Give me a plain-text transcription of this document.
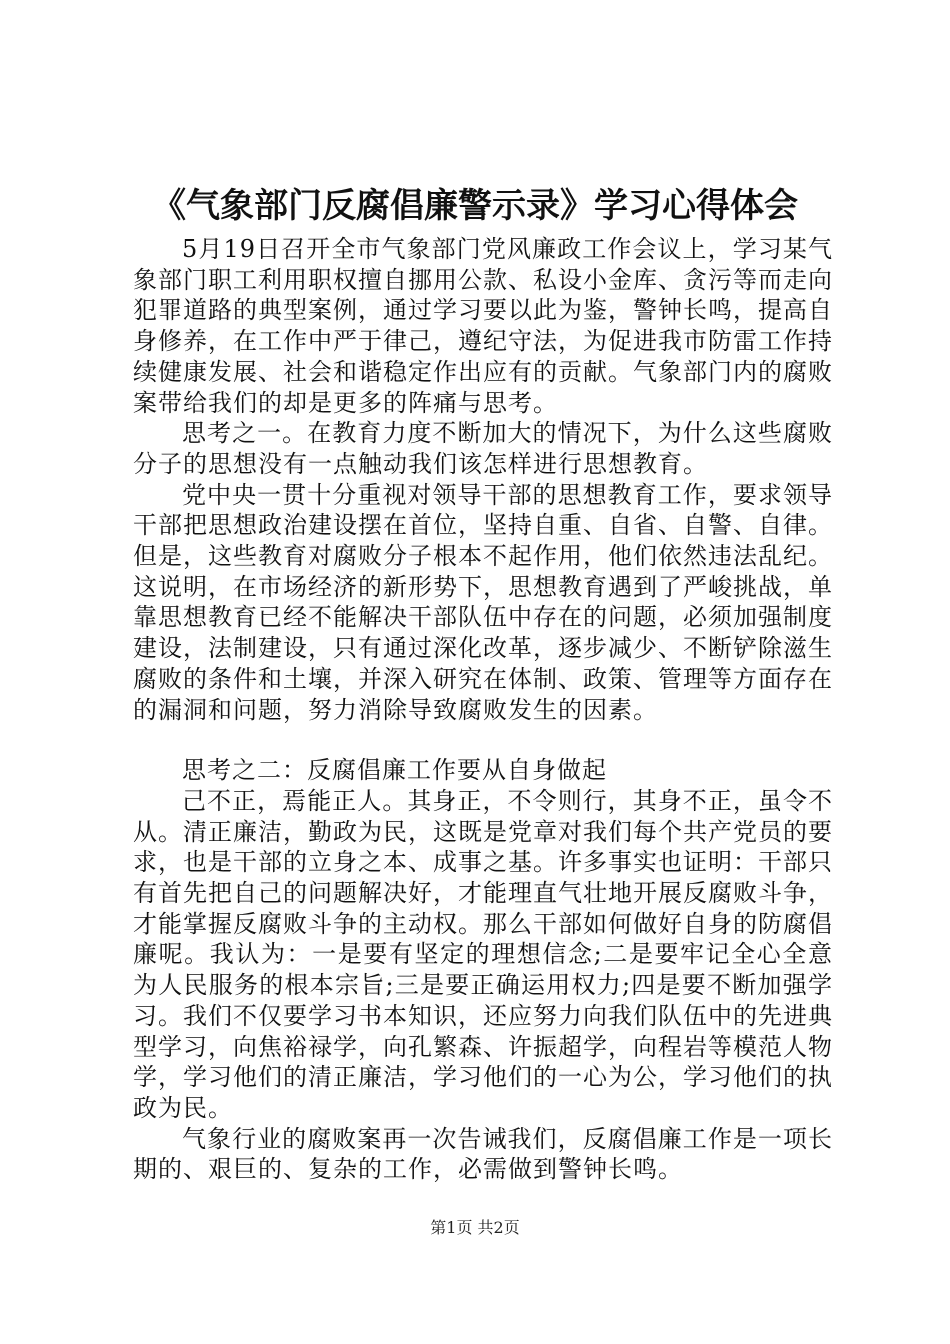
《气象部门反腐倡廉警示录》学习心得体会

5月19日召开全市气象部门党风廉政工作会议上，学习某气象部门职工利用职权擅自挪用公款、私设小金库、贪污等而走向犯罪道路的典型案例，通过学习要以此为鉴，警钟长鸣，提高自身修养，在工作中严于律己，遵纪守法，为促进我市防雷工作持续健康发展、社会和谐稳定作出应有的贡献。气象部门内的腐败案带给我们的却是更多的阵痛与思考。

思考之一。在教育力度不断加大的情况下，为什么这些腐败分子的思想没有一点触动我们该怎样进行思想教育。

党中央一贯十分重视对领导干部的思想教育工作，要求领导干部把思想政治建设摆在首位，坚持自重、自省、自警、自律。但是，这些教育对腐败分子根本不起作用，他们依然违法乱纪。这说明，在市场经济的新形势下，思想教育遇到了严峻挑战，单靠思想教育已经不能解决干部队伍中存在的问题，必须加强制度建设，法制建设，只有通过深化改革，逐步减少、不断铲除滋生腐败的条件和土壤，并深入研究在体制、政策、管理等方面存在的漏洞和问题，努力消除导致腐败发生的因素。

思考之二：反腐倡廉工作要从自身做起

己不正，焉能正人。其身正，不令则行，其身不正，虽令不从。清正廉洁，勤政为民，这既是党章对我们每个共产党员的要求，也是干部的立身之本、成事之基。许多事实也证明：干部只有首先把自己的问题解决好，才能理直气壮地开展反腐败斗争，才能掌握反腐败斗争的主动权。那么干部如何做好自身的防腐倡廉呢。我认为：一是要有坚定的理想信念;二是要牢记全心全意为人民服务的根本宗旨;三是要正确运用权力;四是要不断加强学习。我们不仅要学习书本知识，还应努力向我们队伍中的先进典型学习，向焦裕禄学，向孔繁森、许振超学，向程岩等模范人物学，学习他们的清正廉洁，学习他们的一心为公，学习他们的执政为民。

气象行业的腐败案再一次告诫我们，反腐倡廉工作是一项长期的、艰巨的、复杂的工作，必需做到警钟长鸣。

第1页 共2页
